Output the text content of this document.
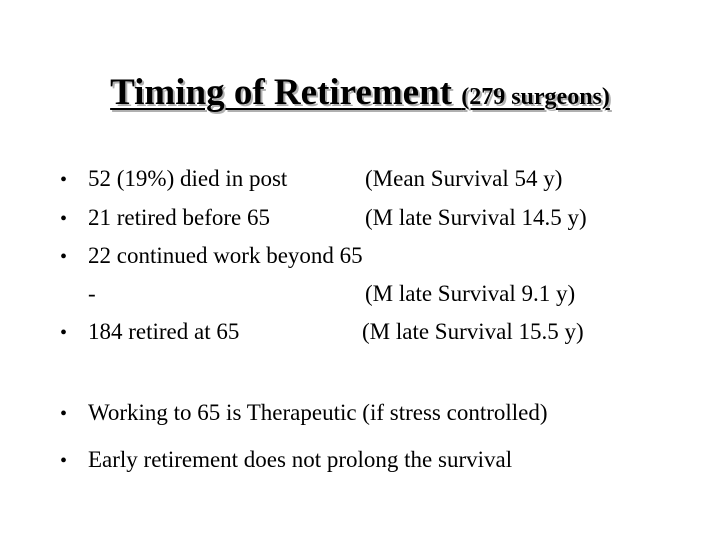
Timing of Retirement (279 surgeons)
• 52 (19%) died in post	(Mean Survival 54 y)
• 21 retired before 65	(M late Survival 14.5 y)
• 22 continued work beyond 65
-	(M late Survival 9.1 y)
• 184 retired at 65	(M late Survival 15.5 y)
• Working to 65 is Therapeutic (if stress controlled)
• Early retirement does not prolong the survival
